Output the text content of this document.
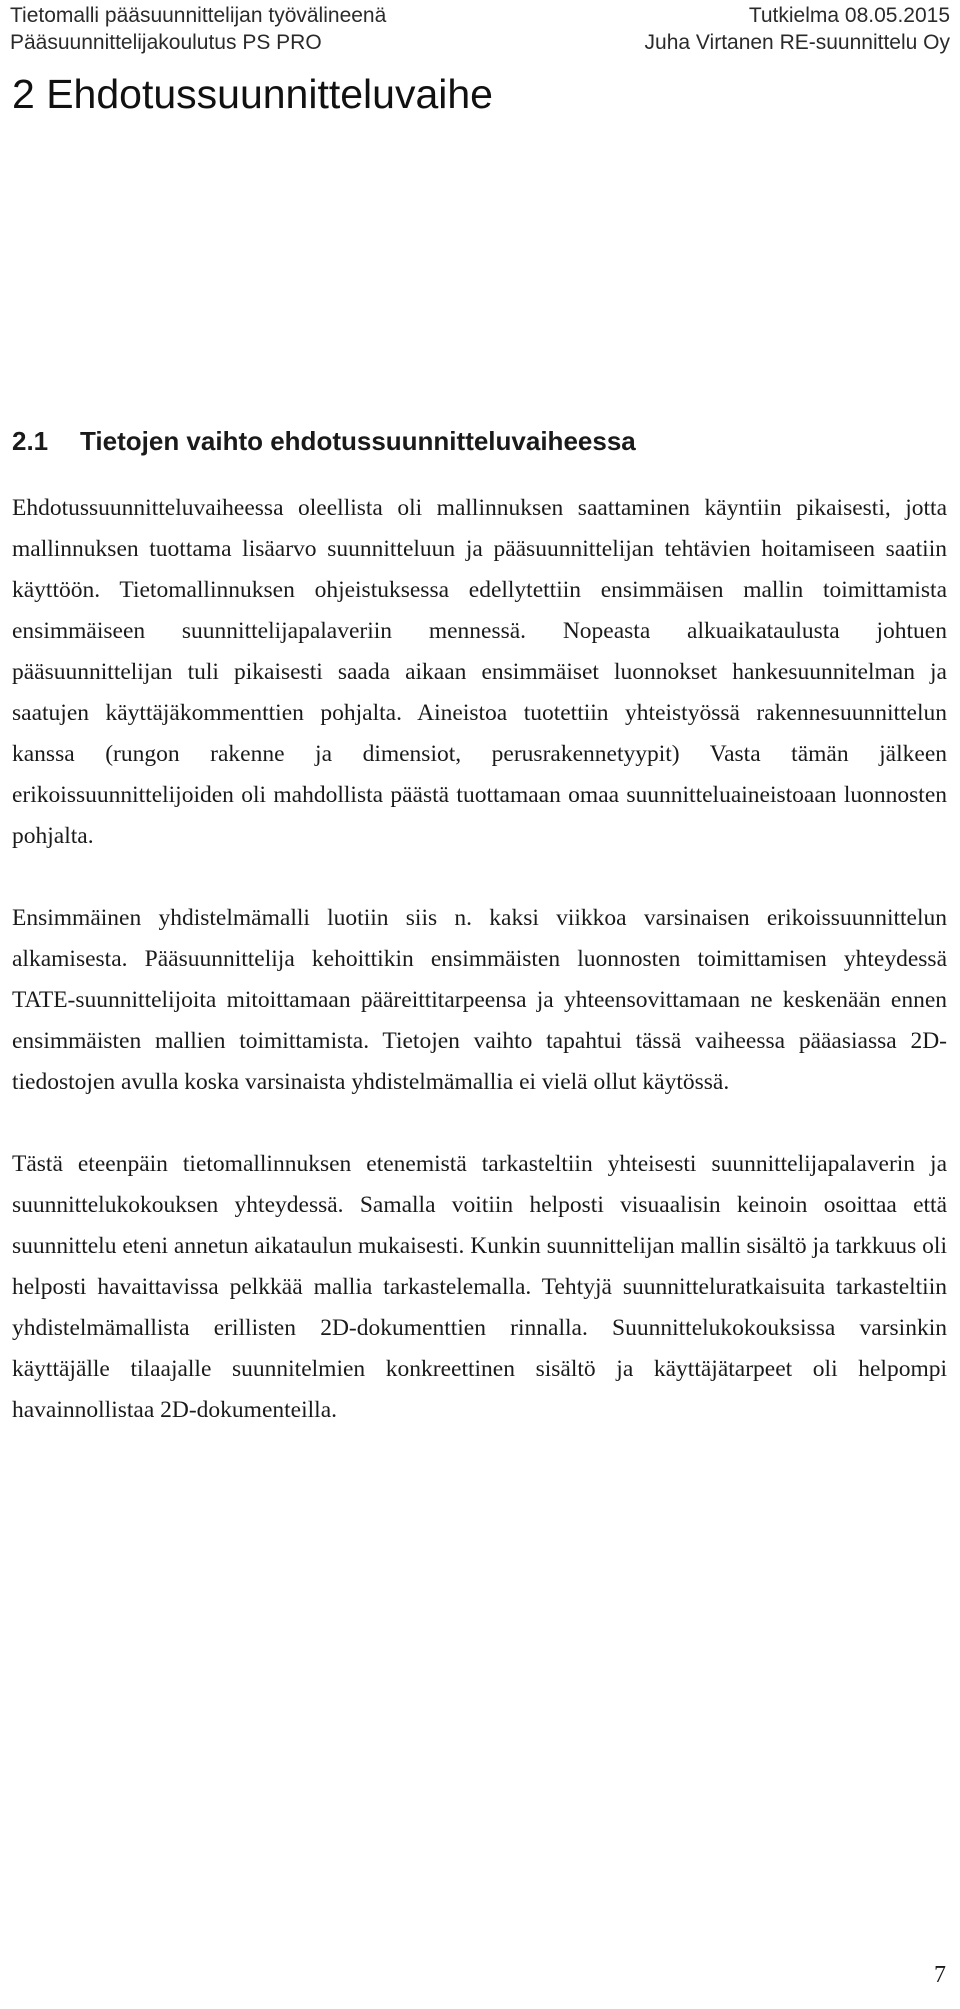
Tietomalli pääsuunnittelijan työvälineenä	Tutkielma 08.05.2015
Pääsuunnittelijakoulutus PS PRO	Juha Virtanen RE-suunnittelu Oy
2 Ehdotussuunnitteluvaihe
2.1 Tietojen vaihto ehdotussuunnitteluvaiheessa

Ehdotussuunnitteluvaiheessa oleellista oli mallinnuksen saattaminen käyntiin pikaisesti, jotta mallinnuksen tuottama lisäarvo suunnitteluun ja pääsuunnittelijan tehtävien hoitamiseen saatiin käyttöön. Tietomallinnuksen ohjeistuksessa edellytettiin ensimmäisen mallin toimittamista ensimmäiseen suunnittelijapalaveriin mennessä. Nopeasta alkuaikataulusta johtuen pääsuunnittelijan tuli pikaisesti saada aikaan ensimmäiset luonnokset hankesuunnitelman ja saatujen käyttäjäkommenttien pohjalta. Aineistoa tuotettiin yhteistyössä rakennesuunnittelun kanssa (rungon rakenne ja dimensiot, perusrakennetyypit) Vasta tämän jälkeen erikoissuunnittelijoiden oli mahdollista päästä tuottamaan omaa suunnitteluaineistoaan luonnosten pohjalta.

Ensimmäinen yhdistelmämalli luotiin siis n. kaksi viikkoa varsinaisen erikoissuunnittelun alkamisesta. Pääsuunnittelija kehoittikin ensimmäisten luonnosten toimittamisen yhteydessä TATE-suunnittelijoita mitoittamaan pääreittitarpeensa ja yhteensovittamaan ne keskenään ennen ensimmäisten mallien toimittamista. Tietojen vaihto tapahtui tässä vaiheessa pääasiassa 2D-tiedostojen avulla koska varsinaista yhdistelmämallia ei vielä ollut käytössä.

Tästä eteenpäin tietomallinnuksen etenemistä tarkasteltiin yhteisesti suunnittelijapalaverin ja suunnittelukokouksen yhteydessä. Samalla voitiin helposti visuaalisin keinoin osoittaa että suunnittelu eteni annetun aikataulun mukaisesti. Kunkin suunnittelijan mallin sisältö ja tarkkuus oli helposti havaittavissa pelkkää mallia tarkastelemalla. Tehtyjä suunnitteluratkaisuita tarkasteltiin yhdistelmämallista erillisten 2D-dokumenttien rinnalla. Suunnittelukokouksissa varsinkin käyttäjälle tilaajalle suunnitelmien konkreettinen sisältö ja käyttäjätarpeet oli helpompi havainnollistaa 2D-dokumenteilla.

7
